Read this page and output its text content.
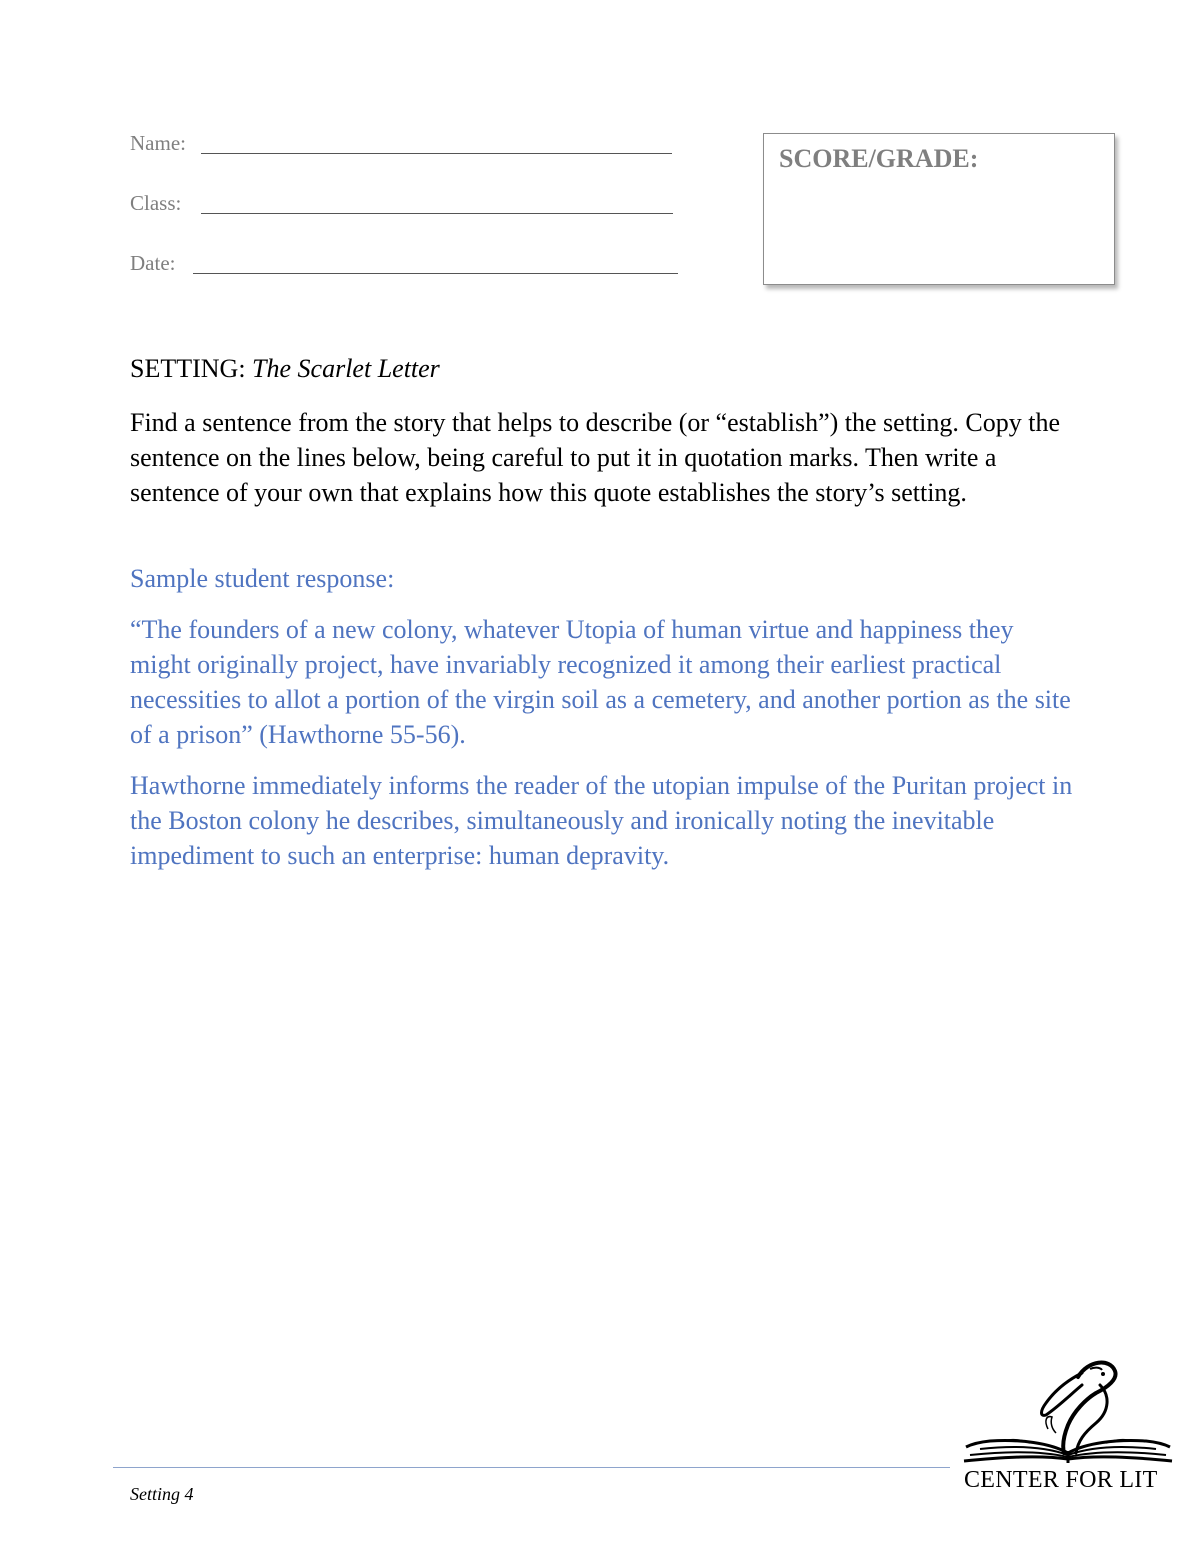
Name:
Class:
Date:
SCORE/GRADE:
SETTING: The Scarlet Letter

Find a sentence from the story that helps to describe (or “establish”) the setting. Copy the sentence on the lines below, being careful to put it in quotation marks. Then write a sentence of your own that explains how this quote establishes the story’s setting.

Sample student response:

“The founders of a new colony, whatever Utopia of human virtue and happiness they might originally project, have invariably recognized it among their earliest practical necessities to allot a portion of the virgin soil as a cemetery, and another portion as the site of a prison” (Hawthorne 55-56).

Hawthorne immediately informs the reader of the utopian impulse of the Puritan project in the Boston colony he describes, simultaneously and ironically noting the inevitable impediment to such an enterprise: human depravity.

Setting 4
CENTER FOR LIT
